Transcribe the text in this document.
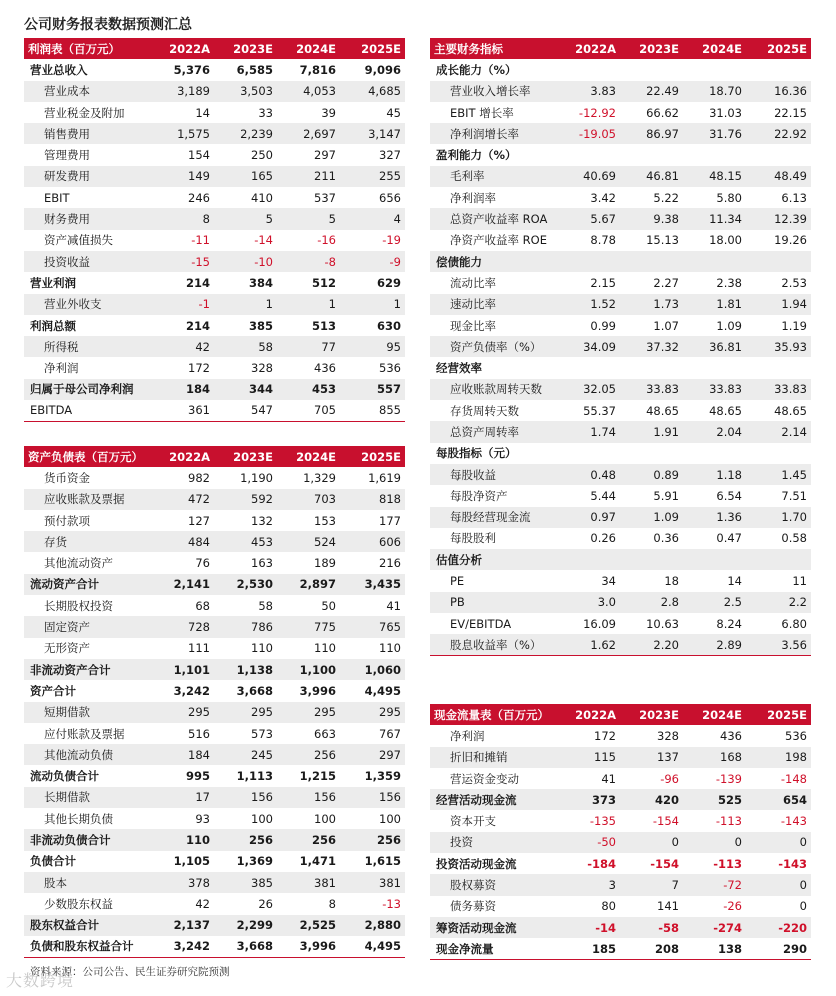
公司财务报表数据预测汇总
利润表（百万元）	2022A	2023E	2024E	2025E
营业总收入	5,376	6,585	7,816	9,096
营业成本	3,189	3,503	4,053	4,685
营业税金及附加	14	33	39	45
销售费用	1,575	2,239	2,697	3,147
管理费用	154	250	297	327
研发费用	149	165	211	255
EBIT	246	410	537	656
财务费用	8	5	5	4
资产减值损失	-11	-14	-16	-19
投资收益	-15	-10	-8	-9
营业利润	214	384	512	629
营业外收支	-1	1	1	1
利润总额	214	385	513	630
所得税	42	58	77	95
净利润	172	328	436	536
归属于母公司净利润	184	344	453	557
EBITDA	361	547	705	855
主要财务指标	2022A	2023E	2024E	2025E
成长能力（%）				
营业收入增长率	3.83	22.49	18.70	16.36
EBIT 增长率	-12.92	66.62	31.03	22.15
净利润增长率	-19.05	86.97	31.76	22.92
盈利能力（%）				
毛利率	40.69	46.81	48.15	48.49
净利润率	3.42	5.22	5.80	6.13
总资产收益率 ROA	5.67	9.38	11.34	12.39
净资产收益率 ROE	8.78	15.13	18.00	19.26
偿债能力				
流动比率	2.15	2.27	2.38	2.53
速动比率	1.52	1.73	1.81	1.94
现金比率	0.99	1.07	1.09	1.19
资产负债率（%）	34.09	37.32	36.81	35.93
经营效率				
应收账款周转天数	32.05	33.83	33.83	33.83
存货周转天数	55.37	48.65	48.65	48.65
总资产周转率	1.74	1.91	2.04	2.14
每股指标（元）				
每股收益	0.48	0.89	1.18	1.45
每股净资产	5.44	5.91	6.54	7.51
每股经营现金流	0.97	1.09	1.36	1.70
每股股利	0.26	0.36	0.47	0.58
估值分析				
PE	34	18	14	11
PB	3.0	2.8	2.5	2.2
EV/EBITDA	16.09	10.63	8.24	6.80
股息收益率（%）	1.62	2.20	2.89	3.56
资产负债表（百万元）	2022A	2023E	2024E	2025E
货币资金	982	1,190	1,329	1,619
应收账款及票据	472	592	703	818
预付款项	127	132	153	177
存货	484	453	524	606
其他流动资产	76	163	189	216
流动资产合计	2,141	2,530	2,897	3,435
长期股权投资	68	58	50	41
固定资产	728	786	775	765
无形资产	111	110	110	110
非流动资产合计	1,101	1,138	1,100	1,060
资产合计	3,242	3,668	3,996	4,495
短期借款	295	295	295	295
应付账款及票据	516	573	663	767
其他流动负债	184	245	256	297
流动负债合计	995	1,113	1,215	1,359
长期借款	17	156	156	156
其他长期负债	93	100	100	100
非流动负债合计	110	256	256	256
负债合计	1,105	1,369	1,471	1,615
股本	378	385	381	381
少数股东权益	42	26	8	-13
股东权益合计	2,137	2,299	2,525	2,880
负债和股东权益合计	3,242	3,668	3,996	4,495
现金流量表（百万元）	2022A	2023E	2024E	2025E
净利润	172	328	436	536
折旧和摊销	115	137	168	198
营运资金变动	41	-96	-139	-148
经营活动现金流	373	420	525	654
资本开支	-135	-154	-113	-143
投资	-50	0	0	0
投资活动现金流	-184	-154	-113	-143
股权募资	3	7	-72	0
债务募资	80	141	-26	0
筹资活动现金流	-14	-58	-274	-220
现金净流量	185	208	138	290
资料来源：公司公告、民生证券研究院预测
大数跨境
